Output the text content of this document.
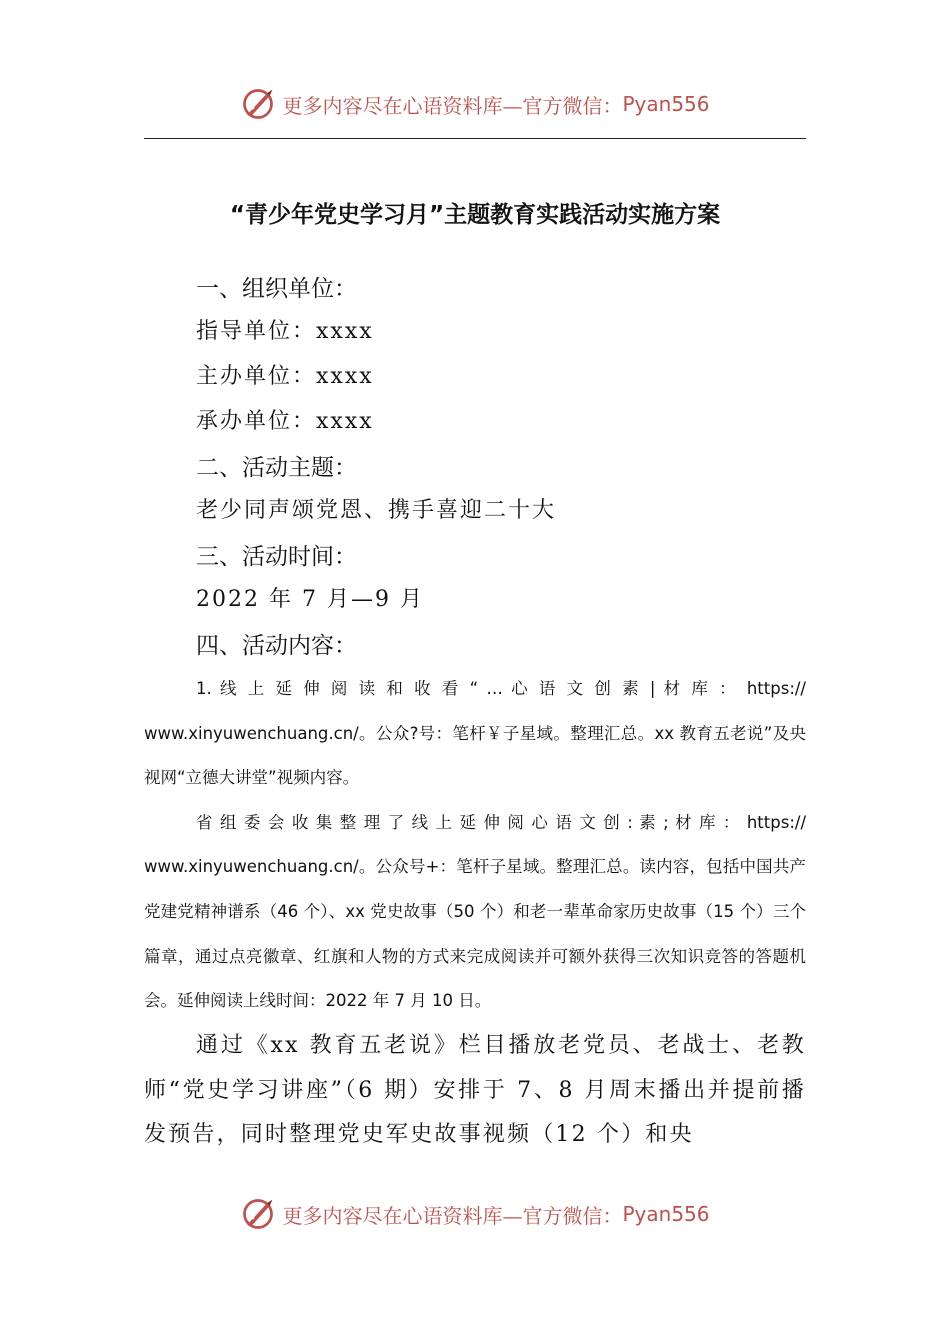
更多内容尽在心语资料库—官方微信： Pyan556
“青少年党史学习月”主题教育实践活动实施方案
一、组织单位：
指导单位：xxxx
主办单位：xxxx
承办单位：xxxx
二、活动主题：
老少同声颂党恩、携手喜迎二十大
三、活动时间：
2022 年 7 月—9 月
四、活动内容：

1. 线 上 延 伸 阅 读 和 收 看 “ … 心 语 文 创 素 | 材 库 ： https:// www.xinyuwenchuang.cn/。公众?号：笔杆￥子星域。整理汇总。xx 教育五老说”及央视网“立德大讲堂”视频内容。

省 组 委 会 收 集 整 理 了 线 上 延 伸 阅 心 语 文 创 : 素 ; 材 库 ： https:// www.xinyuwenchuang.cn/。公众号+：笔杆子星域。整理汇总。读内容，包括中国共产党建党精神谱系（46 个）、xx 党史故事（50 个）和老一辈革命家历史故事（15 个）三个篇章，通过点亮徽章、红旗和人物的方式来完成阅读并可额外获得三次知识竞答的答题机会。延伸阅读上线时间：2022 年 7 月 10 日。

通过《xx 教育五老说》栏目播放老党员、老战士、老教师“党史学习讲座”（6 期）安排于 7、8 月周末播出并提前播发预告，同时整理党史军史故事视频（12 个）和央

更多内容尽在心语资料库—官方微信： Pyan556
